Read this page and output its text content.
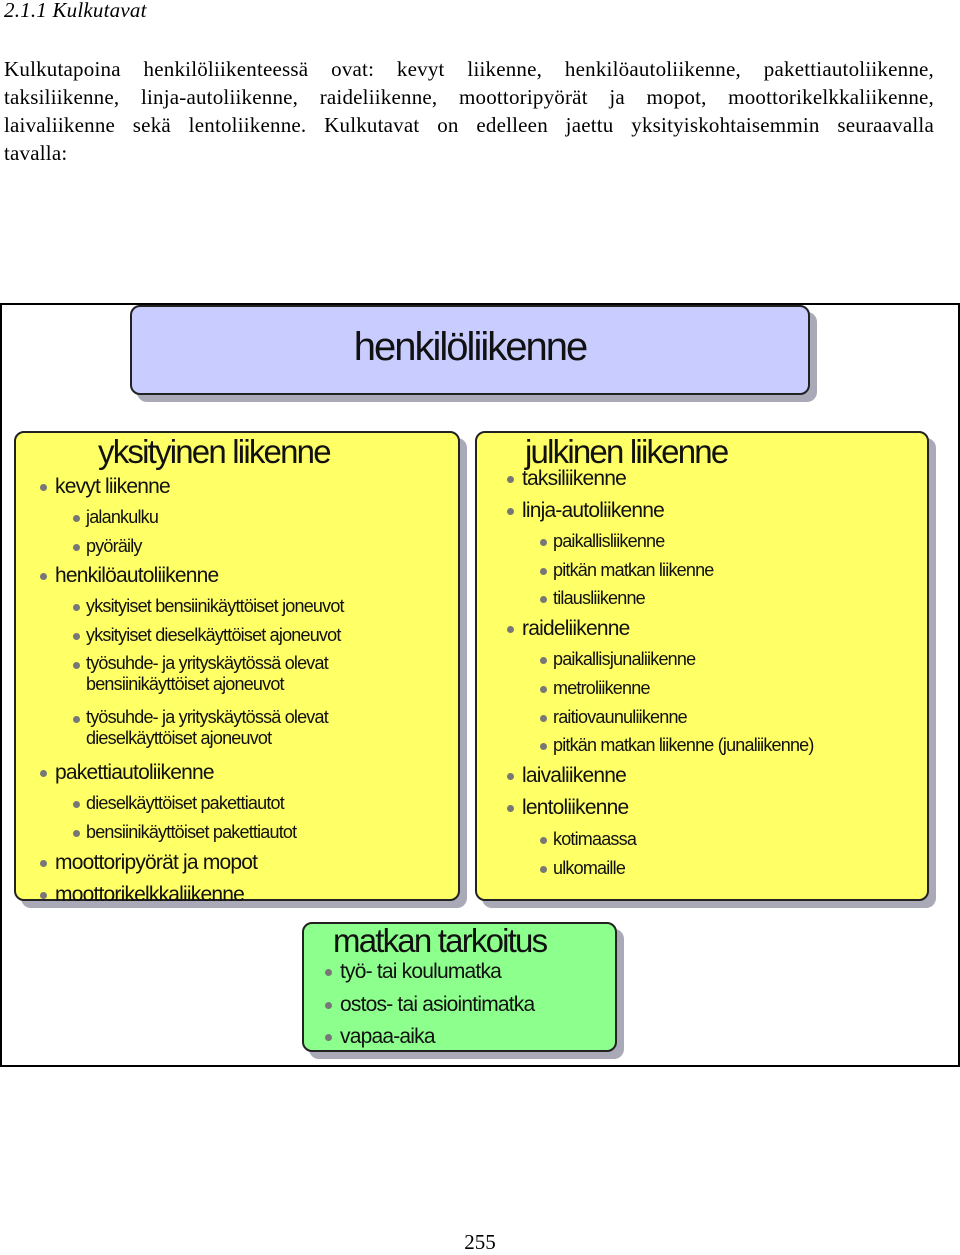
2.1.1 Kulkutavat

Kulkutapoina henkilöliikenteessä ovat: kevyt liikenne, henkilöautoliikenne, pakettiautoliikenne,
taksiliikenne, linja-autoliikenne, raideliikenne, moottoripyörät ja mopot, moottorikelkkaliikenne,
laivaliikenne sekä lentoliikenne. Kulkutavat on edelleen jaettu yksityiskohtaisemmin seuraavalla
tavalla:

henkilöliikenne
yksityinen liikenne
kevyt liikenne
jalankulku
pyöräily
henkilöautoliikenne
yksityiset bensiinikäyttöiset joneuvot
yksityiset dieselkäyttöiset ajoneuvot
työsuhde- ja yrityskäytössä olevat
bensiinikäyttöiset ajoneuvot
työsuhde- ja yrityskäytössä olevat
dieselkäyttöiset ajoneuvot
pakettiautoliikenne
dieselkäyttöiset pakettiautot
bensiinikäyttöiset pakettiautot
moottoripyörät ja mopot
moottorikelkkaliikenne
julkinen liikenne
taksiliikenne
linja-autoliikenne
paikallisliikenne
pitkän matkan liikenne
tilausliikenne
raideliikenne
paikallisjunaliikenne
metroliikenne
raitiovaunuliikenne
pitkän matkan liikenne (junaliikenne)
laivaliikenne
lentoliikenne
kotimaassa
ulkomaille
matkan tarkoitus
työ- tai koulumatka
ostos- tai asiointimatka
vapaa-aika
255
